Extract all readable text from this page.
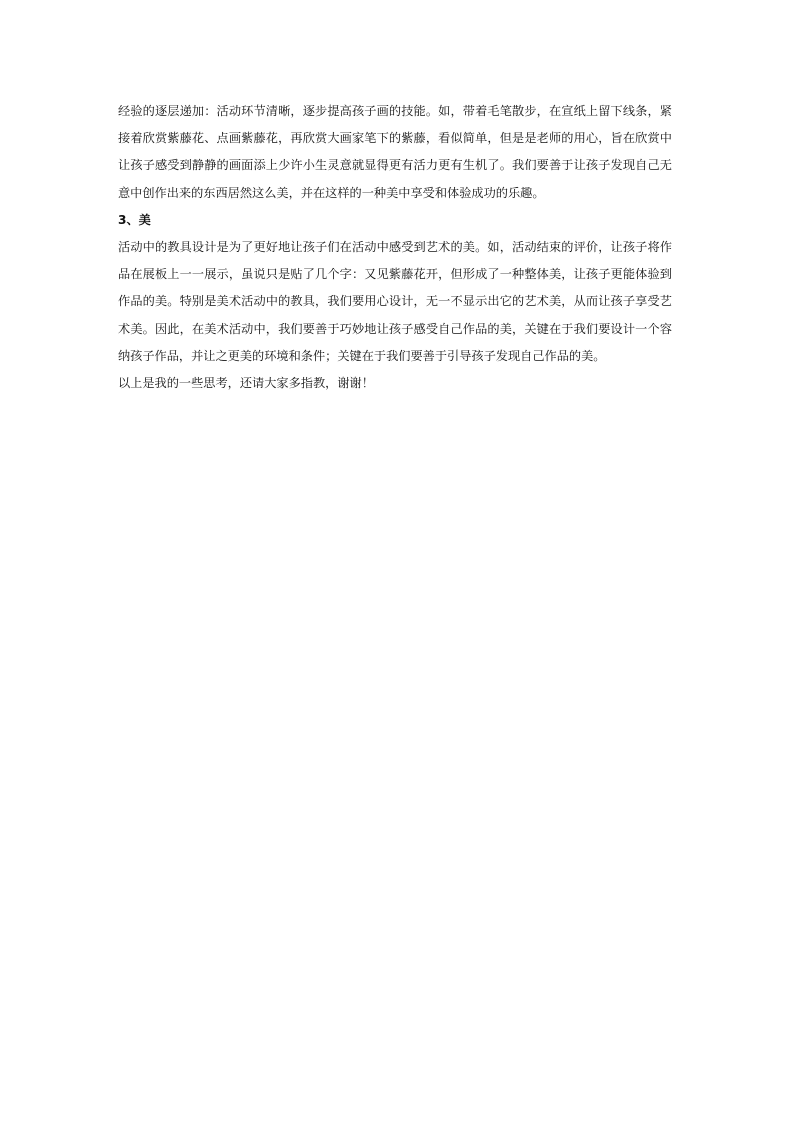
经验的逐层递加：活动环节清晰，逐步提高孩子画的技能。如，带着毛笔散步，在宣纸上留下线条，紧接着欣赏紫藤花、点画紫藤花，再欣赏大画家笔下的紫藤，看似简单，但是是老师的用心，旨在欣赏中让孩子感受到静静的画面添上少许小生灵意就显得更有活力更有生机了。我们要善于让孩子发现自己无意中创作出来的东西居然这么美，并在这样的一种美中享受和体验成功的乐趣。

3、美

活动中的教具设计是为了更好地让孩子们在活动中感受到艺术的美。如，活动结束的评价，让孩子将作品在展板上一一展示，虽说只是贴了几个字：又见紫藤花开，但形成了一种整体美，让孩子更能体验到作品的美。特别是美术活动中的教具，我们要用心设计，无一不显示出它的艺术美，从而让孩子享受艺术美。因此，在美术活动中，我们要善于巧妙地让孩子感受自己作品的美，关键在于我们要设计一个容纳孩子作品，并让之更美的环境和条件；关键在于我们要善于引导孩子发现自己作品的美。

以上是我的一些思考，还请大家多指教，谢谢！
